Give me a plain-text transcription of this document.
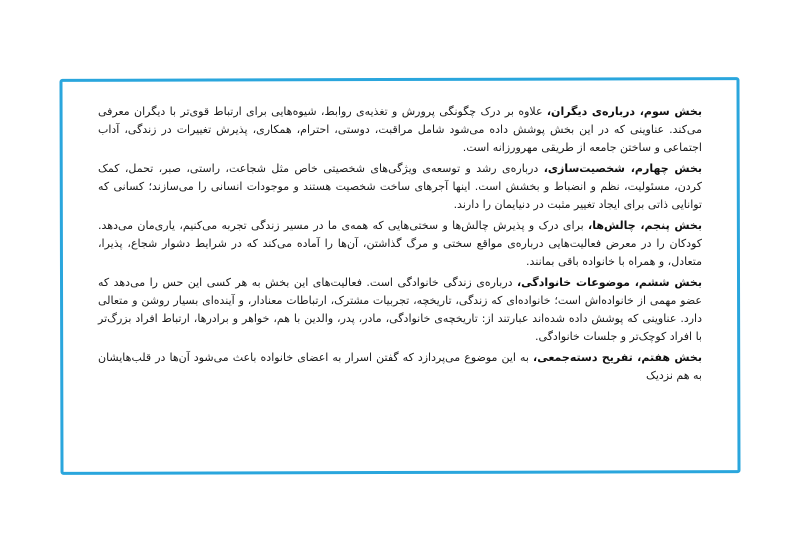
بخش سوم، درباره‌ی دیگران، علاوه بر درک چگونگی پرورش و تغذیه‌ی روابط، شیوه‌هایی برای ارتباط قوی‌تر با دیگران معرفی می‌کند. عناوینی که در این بخش پوشش داده می‌شود شامل مراقبت، دوستی، احترام، همکاری، پذیرش تغییرات در زندگی، آداب اجتماعی و ساختن جامعه از طریقی مهرورزانه است.

بخش چهارم، شخصیت‌سازی، درباره‌ی رشد و توسعه‌ی ویژگی‌های شخصیتی خاص مثل شجاعت، راستی، صبر، تحمل، کمک کردن، مسئولیت، نظم و انضباط و بخشش است. اینها آجرهای ساخت شخصیت هستند و موجودات انسانی را می‌سازند؛ کسانی که توانایی ذاتی برای ایجاد تغییر مثبت در دنیایمان را دارند.

بخش پنجم، چالش‌ها، برای درک و پذیرش چالش‌ها و سختی‌هایی که همه‌ی ما در مسیر زندگی تجربه می‌کنیم، یاری‌مان می‌دهد. کودکان را در معرض فعالیت‌هایی درباره‌ی مواقع سختی و مرگ گذاشتن، آن‌ها را آماده می‌کند که در شرایط دشوار شجاع، پذیرا، متعادل، و همراه با خانواده باقی بمانند.

بخش ششم، موضوعات خانوادگی، درباره‌ی زندگی خانوادگی است. فعالیت‌های این بخش به هر کسی این حس را می‌دهد که عضو مهمی از خانواده‌اش است؛ خانواده‌ای که زندگی، تاریخچه، تجربیات مشترک، ارتباطات معنادار، و آینده‌ای بسیار روشن و متعالی دارد. عناوینی که پوشش داده شده‌اند عبارتند از: تاریخچه‌ی خانوادگی، مادر، پدر، والدین با هم، خواهر و برادرها، ارتباط افراد بزرگ‌تر با افراد کوچک‌تر و جلسات خانوادگی.

بخش هفتم، تفریح دسته‌جمعی، به این موضوع می‌پردازد که گفتن اسرار به اعضای خانواده باعث می‌شود آن‌ها در قلب‌هایشان به هم نزدیک
